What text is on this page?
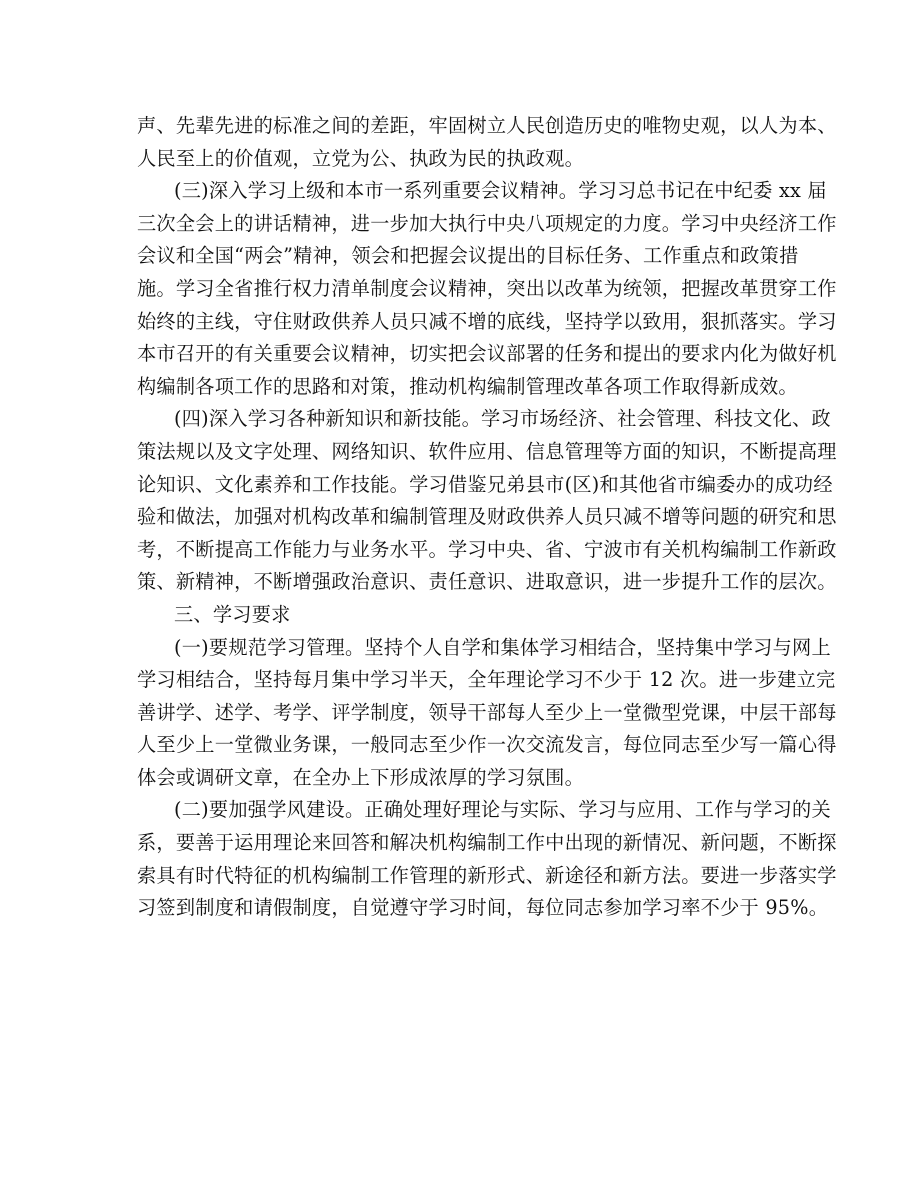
声、先辈先进的标准之间的差距，牢固树立人民创造历史的唯物史观，以人为本、
人民至上的价值观，立党为公、执政为民的执政观。
(三)深入学习上级和本市一系列重要会议精神。学习习总书记在中纪委 xx 届
三次全会上的讲话精神，进一步加大执行中央八项规定的力度。学习中央经济工作
会议和全国“两会”精神，领会和把握会议提出的目标任务、工作重点和政策措
施。学习全省推行权力清单制度会议精神，突出以改革为统领，把握改革贯穿工作
始终的主线，守住财政供养人员只减不增的底线，坚持学以致用，狠抓落实。学习
本市召开的有关重要会议精神，切实把会议部署的任务和提出的要求内化为做好机
构编制各项工作的思路和对策，推动机构编制管理改革各项工作取得新成效。
(四)深入学习各种新知识和新技能。学习市场经济、社会管理、科技文化、政
策法规以及文字处理、网络知识、软件应用、信息管理等方面的知识，不断提高理
论知识、文化素养和工作技能。学习借鉴兄弟县市(区)和其他省市编委办的成功经
验和做法，加强对机构改革和编制管理及财政供养人员只减不增等问题的研究和思
考，不断提高工作能力与业务水平。学习中央、省、宁波市有关机构编制工作新政
策、新精神，不断增强政治意识、责任意识、进取意识，进一步提升工作的层次。
三、学习要求
(一)要规范学习管理。坚持个人自学和集体学习相结合，坚持集中学习与网上
学习相结合，坚持每月集中学习半天，全年理论学习不少于 12 次。进一步建立完
善讲学、述学、考学、评学制度，领导干部每人至少上一堂微型党课，中层干部每
人至少上一堂微业务课，一般同志至少作一次交流发言，每位同志至少写一篇心得
体会或调研文章，在全办上下形成浓厚的学习氛围。
(二)要加强学风建设。正确处理好理论与实际、学习与应用、工作与学习的关
系，要善于运用理论来回答和解决机构编制工作中出现的新情况、新问题，不断探
索具有时代特征的机构编制工作管理的新形式、新途径和新方法。要进一步落实学
习签到制度和请假制度，自觉遵守学习时间，每位同志参加学习率不少于 95%。
